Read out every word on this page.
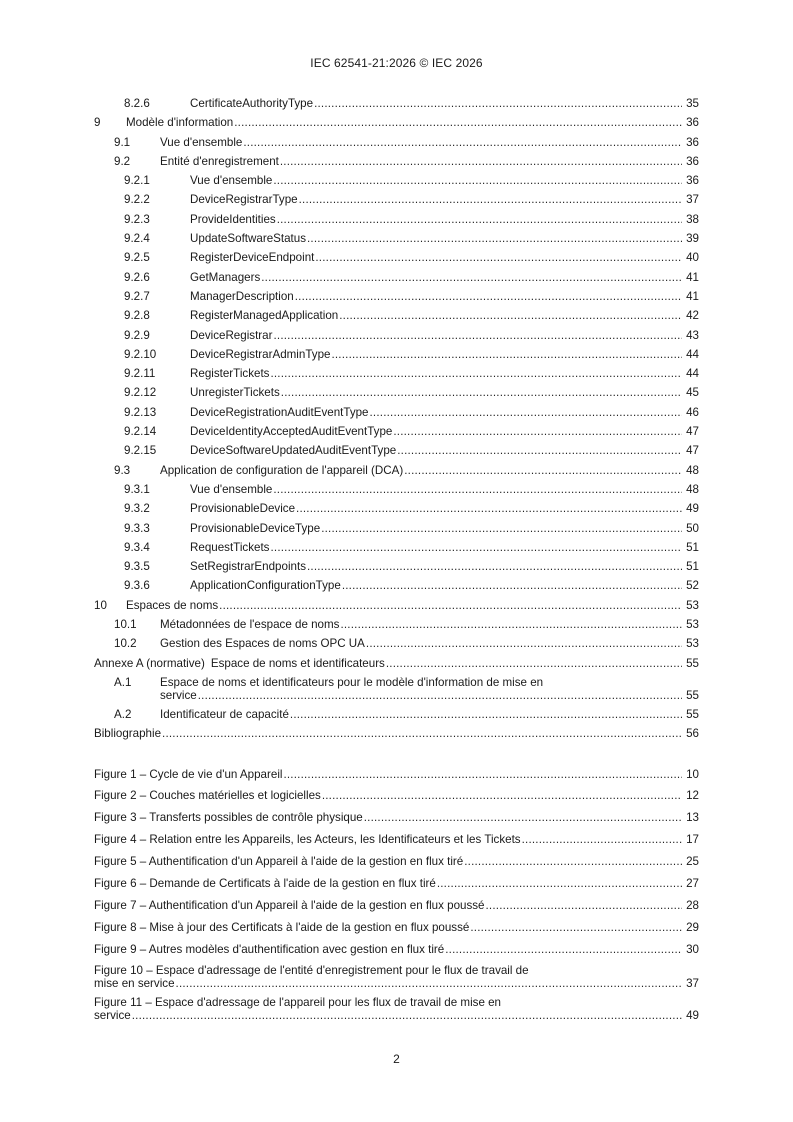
IEC 62541-21:2026 © IEC 2026
8.2.6	CertificateAuthorityType .....	35
9	Modèle d'information .....	36
9.1	Vue d'ensemble .....	36
9.2	Entité d'enregistrement .....	36
9.2.1	Vue d'ensemble .....	36
9.2.2	DeviceRegistrarType .....	37
9.2.3	ProvideIdentities .....	38
9.2.4	UpdateSoftwareStatus .....	39
9.2.5	RegisterDeviceEndpoint .....	40
9.2.6	GetManagers .....	41
9.2.7	ManagerDescription .....	41
9.2.8	RegisterManagedApplication .....	42
9.2.9	DeviceRegistrar .....	43
9.2.10	DeviceRegistrarAdminType .....	44
9.2.11	RegisterTickets .....	44
9.2.12	UnregisterTickets .....	45
9.2.13	DeviceRegistrationAuditEventType .....	46
9.2.14	DeviceIdentityAcceptedAuditEventType .....	47
9.2.15	DeviceSoftwareUpdatedAuditEventType .....	47
9.3	Application de configuration de l'appareil (DCA) .....	48
9.3.1	Vue d'ensemble .....	48
9.3.2	ProvisionableDevice .....	49
9.3.3	ProvisionableDeviceType .....	50
9.3.4	RequestTickets .....	51
9.3.5	SetRegistrarEndpoints .....	51
9.3.6	ApplicationConfigurationType .....	52
10	Espaces de noms .....	53
10.1	Métadonnées de l'espace de noms .....	53
10.2	Gestion des Espaces de noms OPC UA .....	53
Annexe A (normative) Espace de noms et identificateurs .....	55
A.1	Espace de noms et identificateurs pour le modèle d'information de mise en
service .....	55
A.2	Identificateur de capacité .....	55
Bibliographie .....	56
Figure 1 – Cycle de vie d'un Appareil .....	10
Figure 2 – Couches matérielles et logicielles .....	12
Figure 3 – Transferts possibles de contrôle physique .....	13
Figure 4 – Relation entre les Appareils, les Acteurs, les Identificateurs et les Tickets .....	17
Figure 5 – Authentification d'un Appareil à l'aide de la gestion en flux tiré .....	25
Figure 6 – Demande de Certificats à l'aide de la gestion en flux tiré .....	27
Figure 7 – Authentification d'un Appareil à l'aide de la gestion en flux poussé .....	28
Figure 8 – Mise à jour des Certificats à l'aide de la gestion en flux poussé .....	29
Figure 9 – Autres modèles d'authentification avec gestion en flux tiré .....	30
Figure 10 – Espace d'adressage de l'entité d'enregistrement pour le flux de travail de
mise en service .....	37
Figure 11 – Espace d'adressage de l'appareil pour les flux de travail de mise en
service .....	49
2
